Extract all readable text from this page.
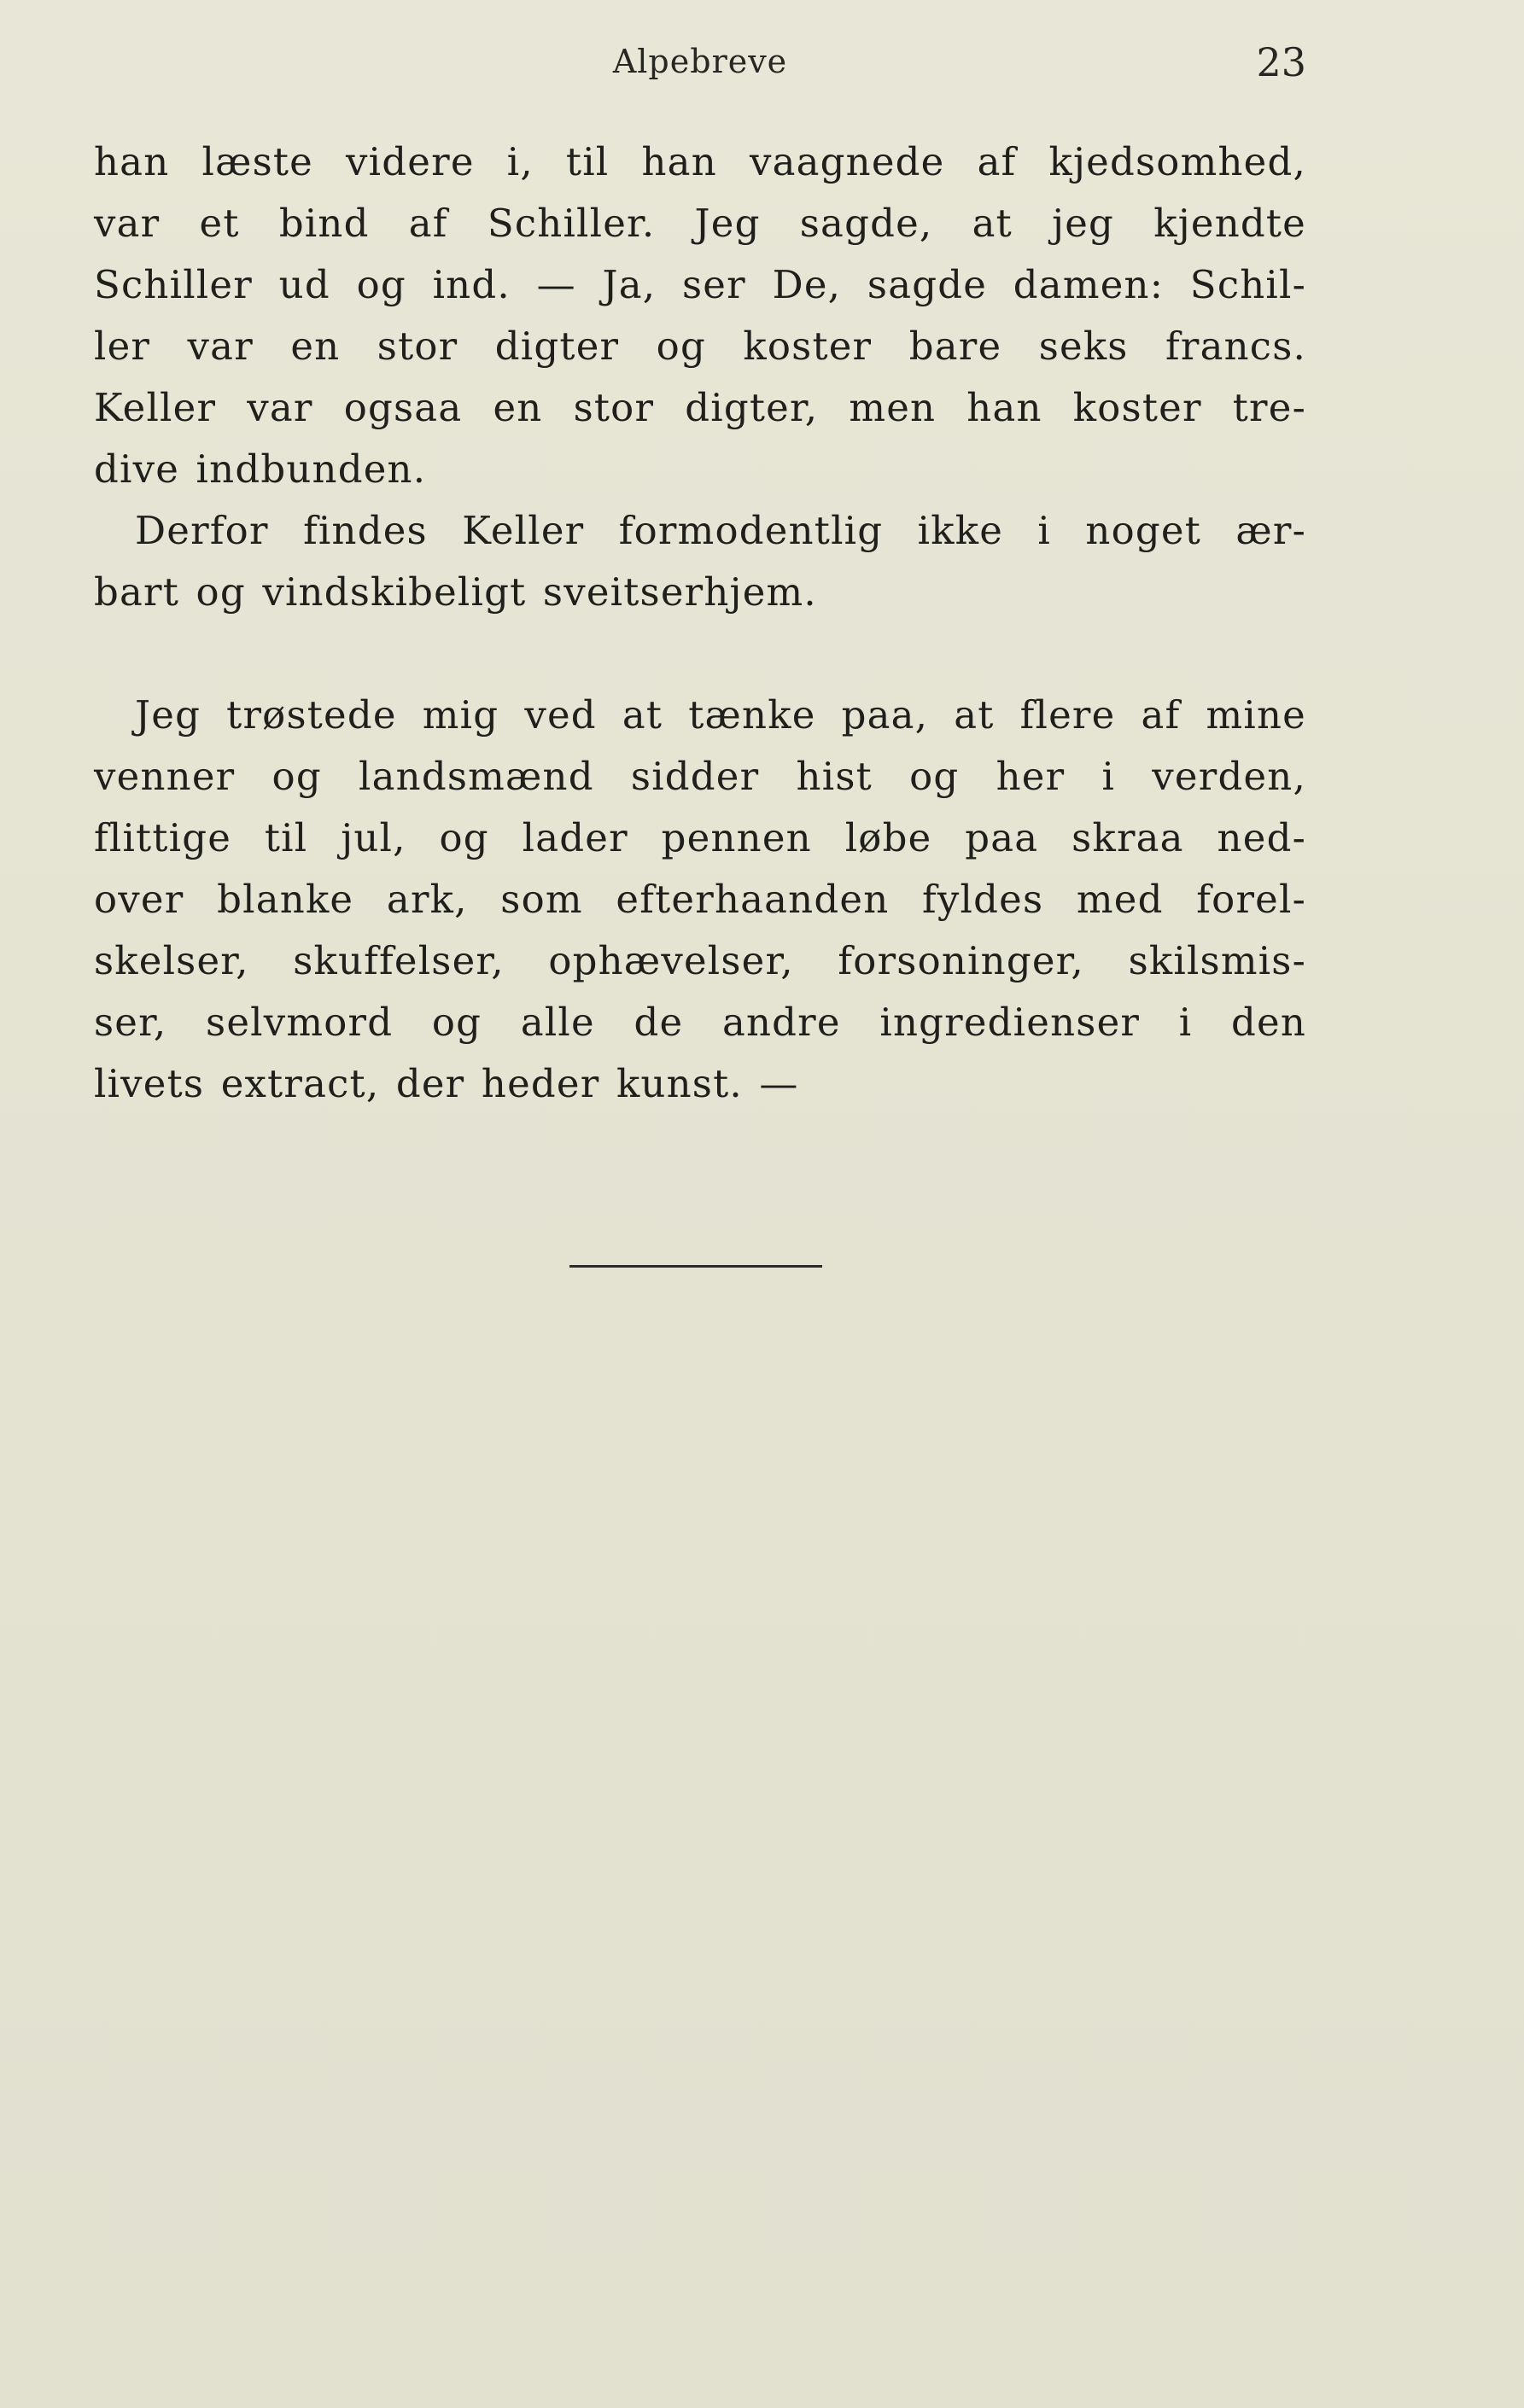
Alpebreve	23
han læste videre i, til han vaagnede af kjedsomhed,
var et bind af Schiller. Jeg sagde, at jeg kjendte
Schiller ud og ind. — Ja, ser De, sagde damen: Schil-
ler var en stor digter og koster bare seks francs.
Keller var ogsaa en stor digter, men han koster tre-
dive indbunden.
Derfor findes Keller formodentlig ikke i noget ær-
bart og vindskibeligt sveitserhjem.
Jeg trøstede mig ved at tænke paa, at flere af mine
venner og landsmænd sidder hist og her i verden,
flittige til jul, og lader pennen løbe paa skraa ned-
over blanke ark, som efterhaanden fyldes med forel-
skelser, skuffelser, ophævelser, forsoninger, skilsmis-
ser, selvmord og alle de andre ingredienser i den
livets extract, der heder kunst. —
